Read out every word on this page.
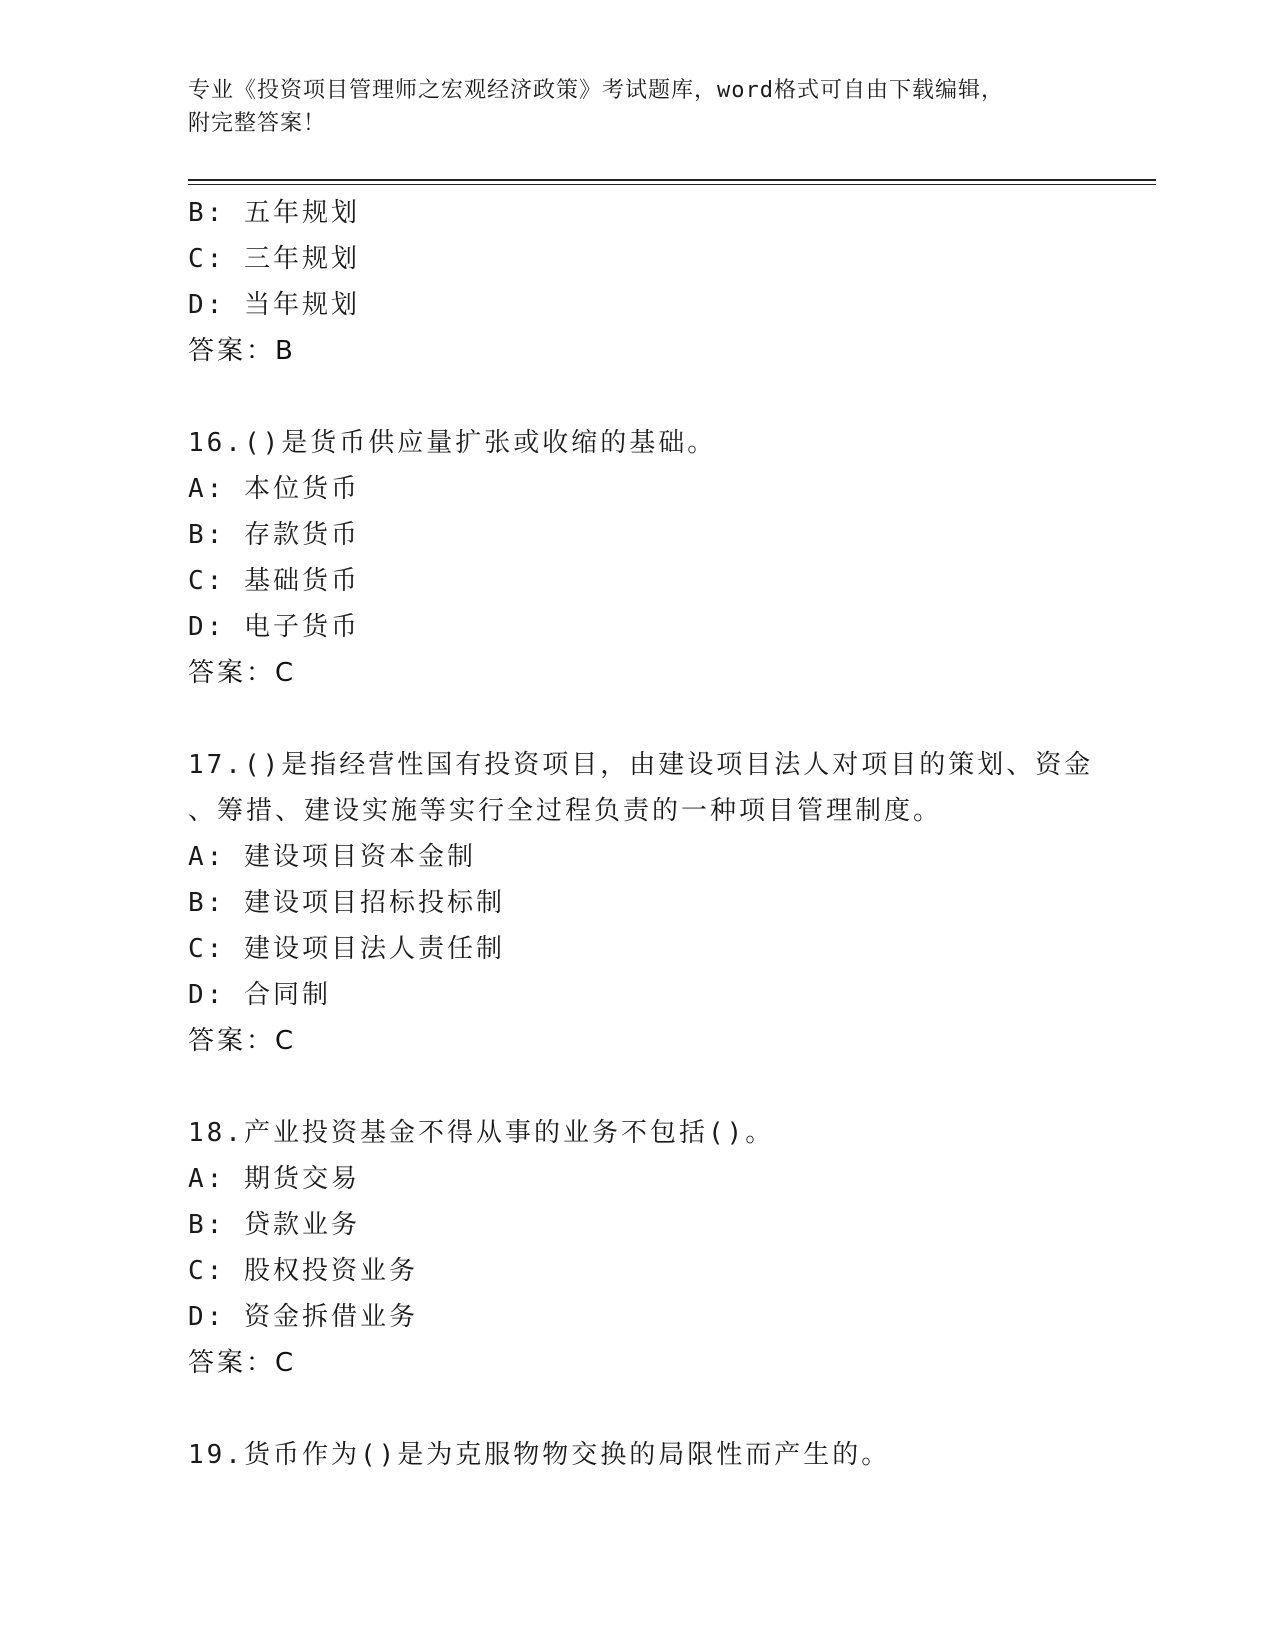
专业《投资项目管理师之宏观经济政策》考试题库，word格式可自由下载编辑，
附完整答案！
B: 五年规划
C: 三年规划
D: 当年规划
答案：B
16.()是货币供应量扩张或收缩的基础。
A: 本位货币
B: 存款货币
C: 基础货币
D: 电子货币
答案：C
17.()是指经营性国有投资项目，由建设项目法人对项目的策划、资金
、筹措、建设实施等实行全过程负责的一种项目管理制度。
A: 建设项目资本金制
B: 建设项目招标投标制
C: 建设项目法人责任制
D: 合同制
答案：C
18.产业投资基金不得从事的业务不包括()。
A: 期货交易
B: 贷款业务
C: 股权投资业务
D: 资金拆借业务
答案：C
19.货币作为()是为克服物物交换的局限性而产生的。
